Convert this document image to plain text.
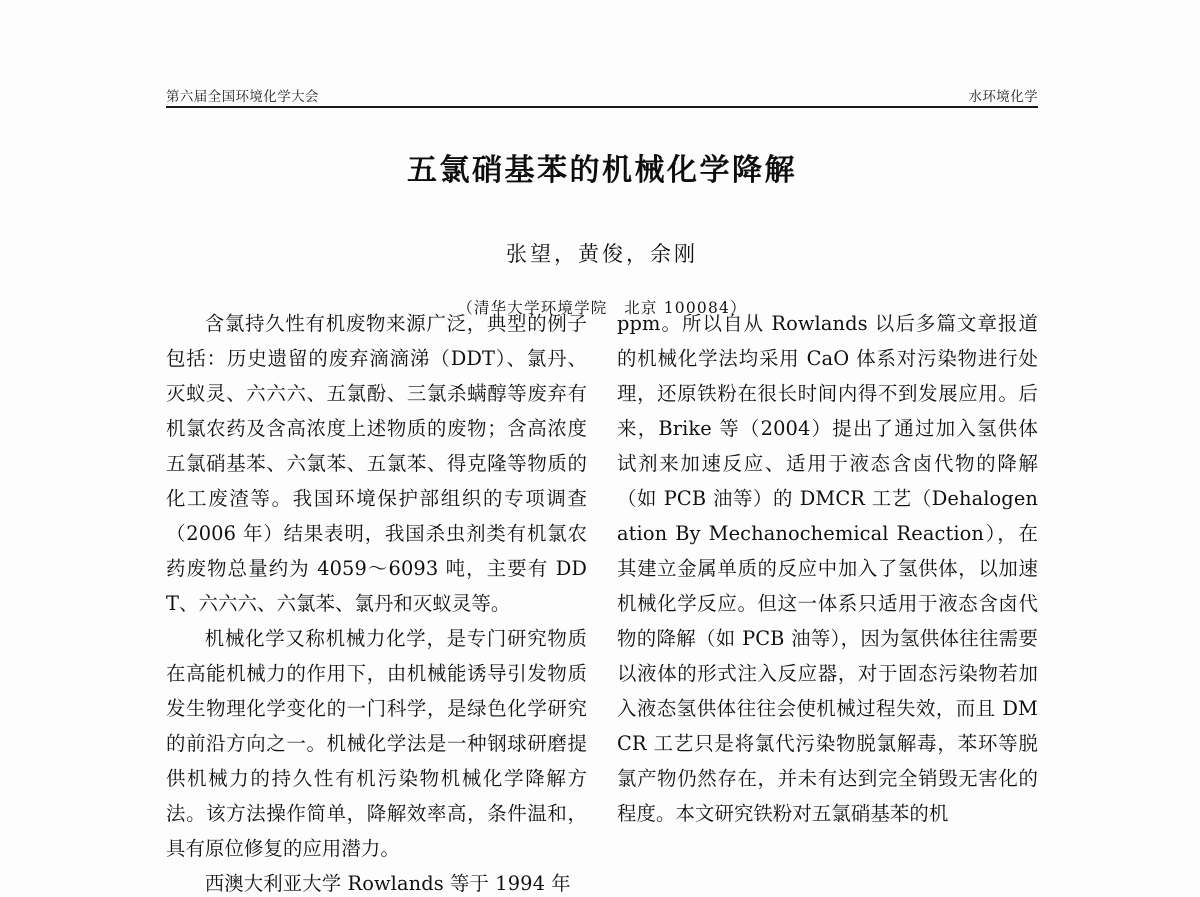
第六届全国环境化学大会	水环境化学
五氯硝基苯的机械化学降解

张望，黄俊，余刚

（清华大学环境学院　北京 100084）

含氯持久性有机废物来源广泛，典型的例子包括：历史遗留的废弃滴滴涕（DDT）、氯丹、灭蚁灵、六六六、五氯酚、三氯杀螨醇等废弃有机氯农药及含高浓度上述物质的废物；含高浓度五氯硝基苯、六氯苯、五氯苯、得克隆等物质的化工废渣等。我国环境保护部组织的专项调查（2006 年）结果表明，我国杀虫剂类有机氯农药废物总量约为 4059～6093 吨，主要有 DDT、六六六、六氯苯、氯丹和灭蚁灵等。

机械化学又称机械力化学，是专门研究物质在高能机械力的作用下，由机械能诱导引发物质发生物理化学变化的一门科学，是绿色化学研究的前沿方向之一。机械化学法是一种钢球研磨提供机械力的持久性有机污染物机械化学降解方法。该方法操作简单，降解效率高，条件温和，具有原位修复的应用潜力。

西澳大利亚大学 Rowlands 等于 1994 年

ppm。所以自从 Rowlands 以后多篇文章报道的机械化学法均采用 CaO 体系对污染物进行处理，还原铁粉在很长时间内得不到发展应用。后来，Brike 等（2004）提出了通过加入氢供体试剂来加速反应、适用于液态含卤代物的降解（如 PCB 油等）的 DMCR 工艺（Dehalogenation By Mechanochemical Reaction），在其建立金属单质的反应中加入了氢供体，以加速机械化学反应。但这一体系只适用于液态含卤代物的降解（如 PCB 油等），因为氢供体往往需要以液体的形式注入反应器，对于固态污染物若加入液态氢供体往往会使机械过程失效，而且 DMCR 工艺只是将氯代污染物脱氯解毒，苯环等脱氯产物仍然存在，并未有达到完全销毁无害化的程度。本文研究铁粉对五氯硝基苯的机
